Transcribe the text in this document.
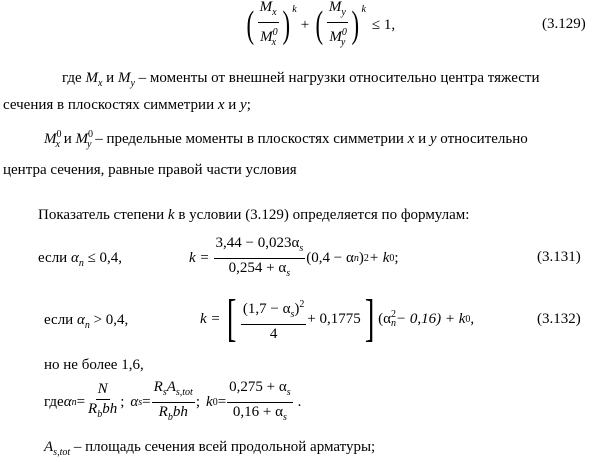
( $\frac{M_x}{M^0_x}$ ) $^k$
+ ( $\frac{M_y}{M^0_y}$ ) $^k$
≤ 1,	(3.129)
где $M_x$ и $M_y$ – моменты от внешней нагрузки относительно центра тяжести
сечения в плоскостях симметрии x и y;
$M^0_x$ и $M^0_y$ – предельные моменты в плоскостях симметрии x и y относительно
центра сечения, равные правой части условия
Показатель степени k в условии (3.129) определяется по формулам:
если $\alpha_n \le 0,4$,	$k = \frac{3,44 - 0,023\alpha_s}{0,254 + \alpha_s} (0,4 - \alpha$ n ) 2 + k 0 ;	(3.131)
если $\alpha_n > 0,4$,	k = [ $\frac{(1,7 - \alpha_s)^2}{4} + 0,1775$ ] (α 2
n − 0,16) + k 0 ,	(3.132)
но не более 1,6,
где α $n = \frac{N}{R_bbh}$ ; α $s = \frac{R_sA_{s,tot}}{R_bbh}$ ; k $0 = \frac{0,275 + \alpha_s}{0,16 + \alpha_s}$ .
$A_{s,tot}$ – площадь сечения всей продольной арматуры;
